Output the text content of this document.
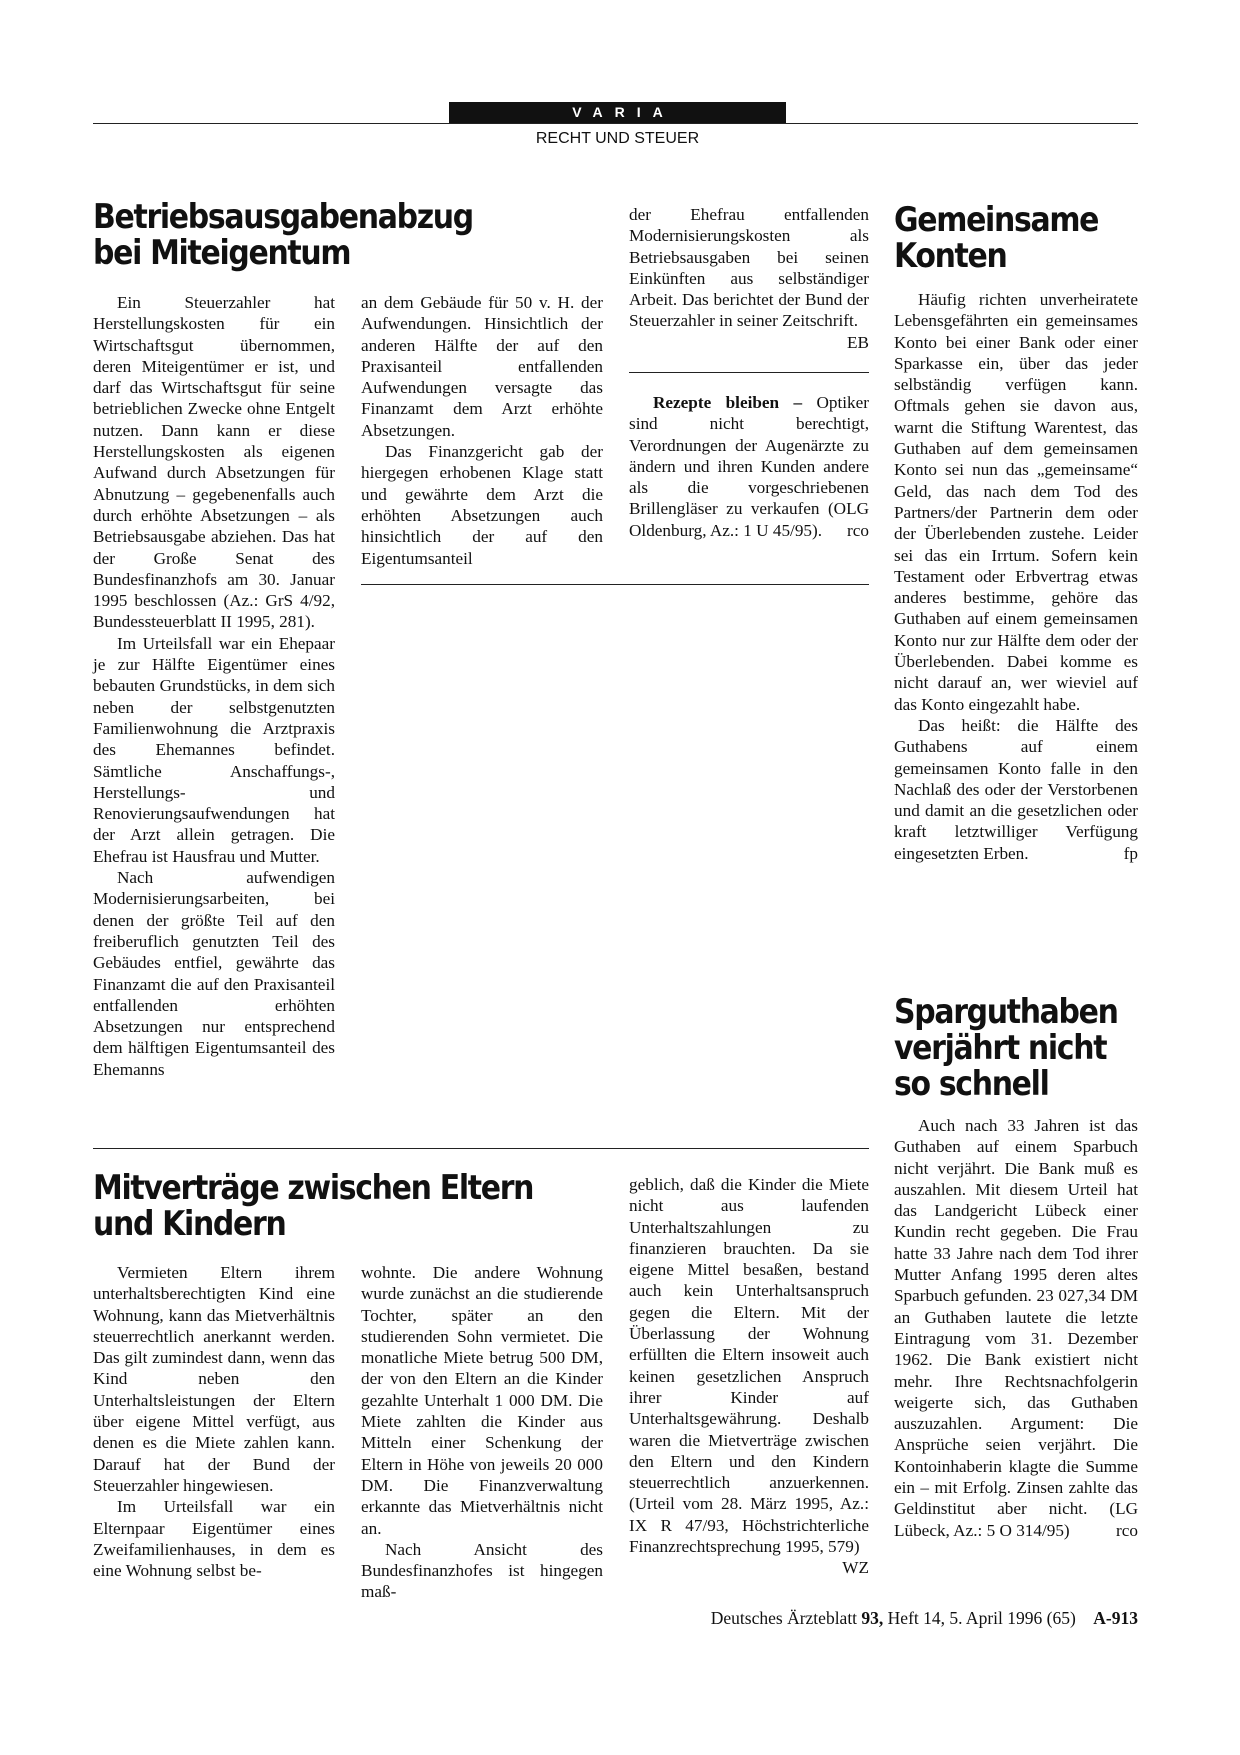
VARIA
RECHT UND STEUER
Betriebsausgabenabzug
bei Miteigentum

Ein Steuerzahler hat Herstellungskosten für ein Wirtschaftsgut übernommen, deren Miteigentümer er ist, und darf das Wirtschaftsgut für seine betrieblichen Zwecke ohne Entgelt nutzen. Dann kann er diese Herstellungskosten als eigenen Aufwand durch Absetzungen für Abnutzung – gegebenenfalls auch durch erhöhte Absetzungen – als Betriebsausgabe abziehen. Das hat der Große Senat des Bundesfinanzhofs am 30. Januar 1995 beschlossen (Az.: GrS 4/92, Bundessteuerblatt II 1995, 281).

Im Urteilsfall war ein Ehepaar je zur Hälfte Eigentümer eines bebauten Grundstücks, in dem sich neben der selbstgenutzten Familienwohnung die Arztpraxis des Ehemannes befindet. Sämtliche Anschaffungs-, Herstellungs- und Renovierungsaufwendungen hat der Arzt allein getragen. Die Ehefrau ist Hausfrau und Mutter.

Nach aufwendigen Modernisierungsarbeiten, bei denen der größte Teil auf den freiberuflich genutzten Teil des Gebäudes entfiel, gewährte das Finanzamt die auf den Praxisanteil entfallenden erhöhten Absetzungen nur entsprechend dem hälftigen Eigentumsanteil des Ehemanns

an dem Gebäude für 50 v. H. der Aufwendungen. Hinsichtlich der anderen Hälfte der auf den Praxisanteil entfallenden Aufwendungen versagte das Finanzamt dem Arzt erhöhte Absetzungen.

Das Finanzgericht gab der hiergegen erhobenen Klage statt und gewährte dem Arzt die erhöhten Absetzungen auch hinsichtlich der auf den Eigentumsanteil

der Ehefrau entfallenden Modernisierungskosten als Betriebsausgaben bei seinen Einkünften aus selbständiger Arbeit. Das berichtet der Bund der Steuerzahler in seiner Zeitschrift.
EB

Rezepte bleiben – Optiker sind nicht berechtigt, Verordnungen der Augenärzte zu ändern und ihren Kunden andere als die vorgeschriebenen Brillengläser zu verkaufen (OLG Oldenburg, Az.: 1 U 45/95). rco

Gemeinsame
Konten

Häufig richten unverheiratete Lebensgefährten ein gemeinsames Konto bei einer Bank oder einer Sparkasse ein, über das jeder selbständig verfügen kann. Oftmals gehen sie davon aus, warnt die Stiftung Warentest, das Guthaben auf dem gemeinsamen Konto sei nun das „gemeinsame“ Geld, das nach dem Tod des Partners/der Partnerin dem oder der Überlebenden zustehe. Leider sei das ein Irrtum. Sofern kein Testament oder Erbvertrag etwas anderes bestimme, gehöre das Guthaben auf einem gemeinsamen Konto nur zur Hälfte dem oder der Überlebenden. Dabei komme es nicht darauf an, wer wieviel auf das Konto eingezahlt habe.

Das heißt: die Hälfte des Guthabens auf einem gemeinsamen Konto falle in den Nachlaß des oder der Verstorbenen und damit an die gesetzlichen oder kraft letztwilliger Verfügung eingesetzten Erben.	fp

Sparguthaben
verjährt nicht
so schnell

Auch nach 33 Jahren ist das Guthaben auf einem Sparbuch nicht verjährt. Die Bank muß es auszahlen. Mit diesem Urteil hat das Landgericht Lübeck einer Kundin recht gegeben. Die Frau hatte 33 Jahre nach dem Tod ihrer Mutter Anfang 1995 deren altes Sparbuch gefunden. 23 027,34 DM an Guthaben lautete die letzte Eintragung vom 31. Dezember 1962. Die Bank existiert nicht mehr. Ihre Rechtsnachfolgerin weigerte sich, das Guthaben auszuzahlen. Argument: Die Ansprüche seien verjährt. Die Kontoinhaberin klagte die Summe ein – mit Erfolg. Zinsen zahlte das Geldinstitut aber nicht. (LG Lübeck, Az.: 5 O 314/95)	rco

Mitverträge zwischen Eltern
und Kindern

Vermieten Eltern ihrem unterhaltsberechtigten Kind eine Wohnung, kann das Mietverhältnis steuerrechtlich anerkannt werden. Das gilt zumindest dann, wenn das Kind neben den Unterhaltsleistungen der Eltern über eigene Mittel verfügt, aus denen es die Miete zahlen kann. Darauf hat der Bund der Steuerzahler hingewiesen.

Im Urteilsfall war ein Elternpaar Eigentümer eines Zweifamilienhauses, in dem es eine Wohnung selbst be-

wohnte. Die andere Wohnung wurde zunächst an die studierende Tochter, später an den studierenden Sohn vermietet. Die monatliche Miete betrug 500 DM, der von den Eltern an die Kinder gezahlte Unterhalt 1 000 DM. Die Miete zahlten die Kinder aus Mitteln einer Schenkung der Eltern in Höhe von jeweils 20 000 DM. Die Finanzverwaltung erkannte das Mietverhältnis nicht an.

Nach Ansicht des Bundesfinanzhofes ist hingegen maß-

geblich, daß die Kinder die Miete nicht aus laufenden Unterhaltszahlungen zu finanzieren brauchten. Da sie eigene Mittel besaßen, bestand auch kein Unterhaltsanspruch gegen die Eltern. Mit der Überlassung der Wohnung erfüllten die Eltern insoweit auch keinen gesetzlichen Anspruch ihrer Kinder auf Unterhaltsgewährung. Deshalb waren die Mietverträge zwischen den Eltern und den Kindern steuerrechtlich anzuerkennen. (Urteil vom 28. März 1995, Az.: IX R 47/93, Höchstrichterliche Finanzrechtsprechung 1995, 579)
WZ

Deutsches Ärzteblatt 93, Heft 14, 5. April 1996 (65) A-913
